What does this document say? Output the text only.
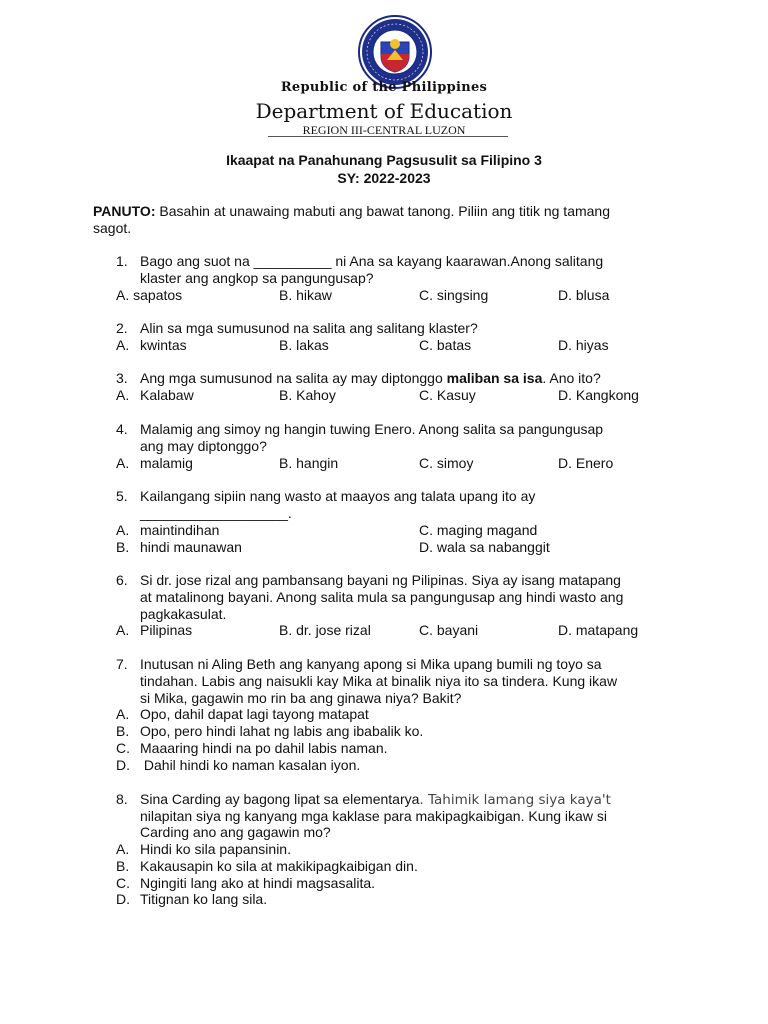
Republic of the Philippines
Department of Education
REGION III-CENTRAL LUZON
Ikaapat na Panahunang Pagsusulit sa Filipino 3
SY: 2022-2023
PANUTO: Basahin at unawaing mabuti ang bawat tanong. Piliin ang titik ng tamang
sagot.
1. Bago ang suot na __________ ni Ana sa kayang kaarawan.Anong salitang
klaster ang angkop sa pangungusap?
A. sapatos	B. hikaw	C. singsing	D. blusa
2. Alin sa mga sumusunod na salita ang salitang klaster?
A. kwintas	B. lakas	C. batas	D. hiyas
3. Ang mga sumusunod na salita ay may diptonggo maliban sa isa. Ano ito?
A. Kalabaw	B. Kahoy	C. Kasuy	D. Kangkong
4. Malamig ang simoy ng hangin tuwing Enero. Anong salita sa pangungusap
ang may diptonggo?
A. malamig	B. hangin	C. simoy	D. Enero
5. Kailangang sipiin nang wasto at maayos ang talata upang ito ay
___________________.
A. maintindihan	C. maging magand
B. hindi maunawan	D. wala sa nabanggit
6. Si dr. jose rizal ang pambansang bayani ng Pilipinas. Siya ay isang matapang
at matalinong bayani. Anong salita mula sa pangungusap ang hindi wasto ang
pagkakasulat.
A. Pilipinas	B. dr. jose rizal	C. bayani	D. matapang
7. Inutusan ni Aling Beth ang kanyang apong si Mika upang bumili ng toyo sa
tindahan. Labis ang naisukli kay Mika at binalik niya ito sa tindera. Kung ikaw
si Mika, gagawin mo rin ba ang ginawa niya? Bakit?
A. Opo, dahil dapat lagi tayong matapat
B. Opo, pero hindi lahat ng labis ang ibabalik ko.
C. Maaaring hindi na po dahil labis naman.
D. Dahil hindi ko naman kasalan iyon.
8. Sina Carding ay bagong lipat sa elementarya. Tahimik lamang siya kaya't
nilapitan siya ng kanyang mga kaklase para makipagkaibigan. Kung ikaw si
Carding ano ang gagawin mo?
A. Hindi ko sila papansinin.
B. Kakausapin ko sila at makikipagkaibigan din.
C. Ngingiti lang ako at hindi magsasalita.
D. Titignan ko lang sila.
